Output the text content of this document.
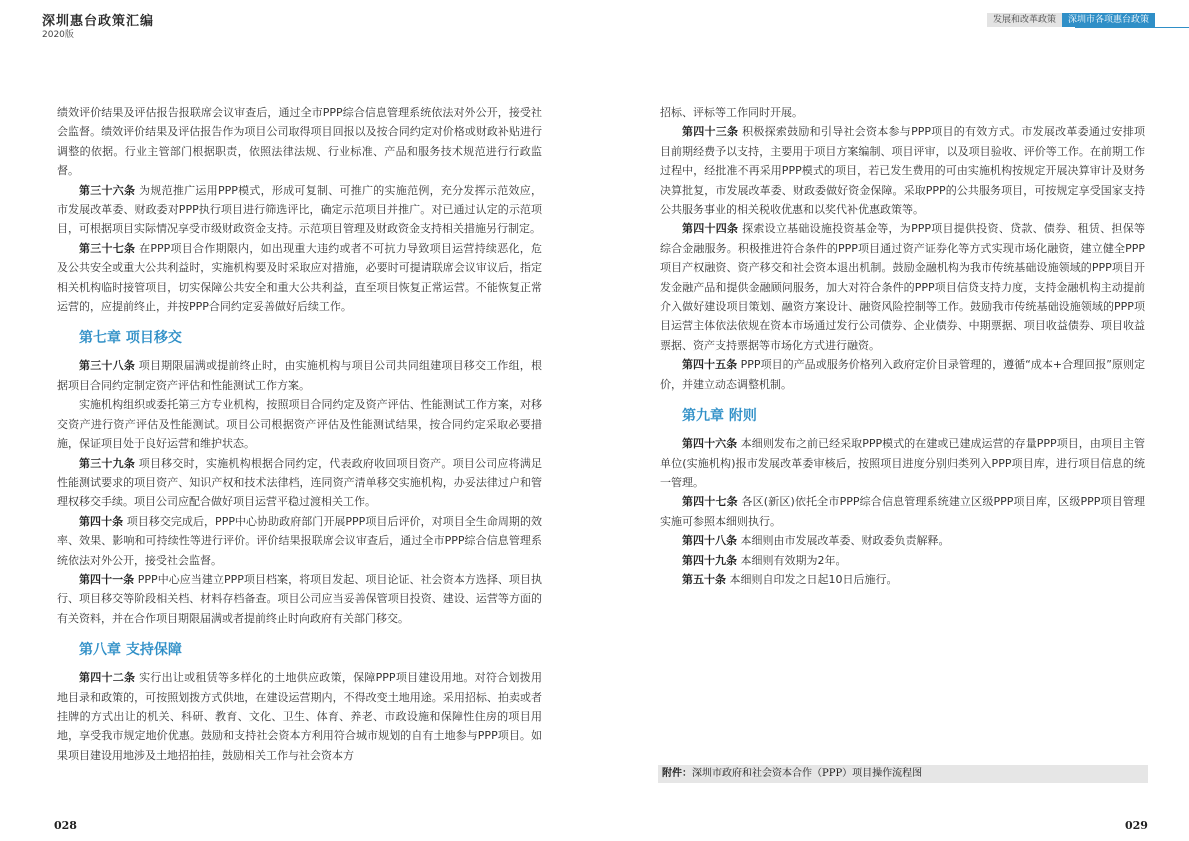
深圳惠台政策汇编
2020版
发展和改革政策	深圳市各项惠台政策

绩效评价结果及评估报告报联席会议审查后，通过全市PPP综合信息管理系统依法对外公开，接受社会监督。绩效评价结果及评估报告作为项目公司取得项目回报以及按合同约定对价格或财政补贴进行调整的依据。行业主管部门根据职责，依照法律法规、行业标准、产品和服务技术规范进行行政监督。

第三十六条 为规范推广运用PPP模式，形成可复制、可推广的实施范例，充分发挥示范效应，市发展改革委、财政委对PPP执行项目进行筛选评比，确定示范项目并推广。对已通过认定的示范项目，可根据项目实际情况享受市级财政资金支持。示范项目管理及财政资金支持相关措施另行制定。

第三十七条 在PPP项目合作期限内，如出现重大违约或者不可抗力导致项目运营持续恶化，危及公共安全或重大公共利益时，实施机构要及时采取应对措施，必要时可提请联席会议审议后，指定相关机构临时接管项目，切实保障公共安全和重大公共利益，直至项目恢复正常运营。不能恢复正常运营的，应提前终止，并按PPP合同约定妥善做好后续工作。

第七章 项目移交

第三十八条 项目期限届满或提前终止时，由实施机构与项目公司共同组建项目移交工作组，根据项目合同约定制定资产评估和性能测试工作方案。

实施机构组织或委托第三方专业机构，按照项目合同约定及资产评估、性能测试工作方案，对移交资产进行资产评估及性能测试。项目公司根据资产评估及性能测试结果，按合同约定采取必要措施，保证项目处于良好运营和维护状态。

第三十九条 项目移交时，实施机构根据合同约定，代表政府收回项目资产。项目公司应将满足性能测试要求的项目资产、知识产权和技术法律档，连同资产清单移交实施机构，办妥法律过户和管理权移交手续。项目公司应配合做好项目运营平稳过渡相关工作。

第四十条 项目移交完成后，PPP中心协助政府部门开展PPP项目后评价，对项目全生命周期的效率、效果、影响和可持续性等进行评价。评价结果报联席会议审查后，通过全市PPP综合信息管理系统依法对外公开，接受社会监督。

第四十一条 PPP中心应当建立PPP项目档案，将项目发起、项目论证、社会资本方选择、项目执行、项目移交等阶段相关档、材料存档备查。项目公司应当妥善保管项目投资、建设、运营等方面的有关资料，并在合作项目期限届满或者提前终止时向政府有关部门移交。

第八章 支持保障

第四十二条 实行出让或租赁等多样化的土地供应政策，保障PPP项目建设用地。对符合划拨用地目录和政策的，可按照划拨方式供地，在建设运营期内，不得改变土地用途。采用招标、拍卖或者挂牌的方式出让的机关、科研、教育、文化、卫生、体育、养老、市政设施和保障性住房的项目用地，享受我市规定地价优惠。鼓励和支持社会资本方利用符合城市规划的自有土地参与PPP项目。如果项目建设用地涉及土地招拍挂，鼓励相关工作与社会资本方

招标、评标等工作同时开展。

第四十三条 积极探索鼓励和引导社会资本参与PPP项目的有效方式。市发展改革委通过安排项目前期经费予以支持，主要用于项目方案编制、项目评审，以及项目验收、评价等工作。在前期工作过程中，经批准不再采用PPP模式的项目，若已发生费用的可由实施机构按规定开展决算审计及财务决算批复，市发展改革委、财政委做好资金保障。采取PPP的公共服务项目，可按规定享受国家支持公共服务事业的相关税收优惠和以奖代补优惠政策等。

第四十四条 探索设立基础设施投资基金等，为PPP项目提供投资、贷款、债券、租赁、担保等综合金融服务。积极推进符合条件的PPP项目通过资产证券化等方式实现市场化融资，建立健全PPP项目产权融资、资产移交和社会资本退出机制。鼓励金融机构为我市传统基础设施领域的PPP项目开发金融产品和提供金融顾问服务，加大对符合条件的PPP项目信贷支持力度，支持金融机构主动提前介入做好建设项目策划、融资方案设计、融资风险控制等工作。鼓励我市传统基础设施领域的PPP项目运营主体依法依规在资本市场通过发行公司债券、企业债券、中期票据、项目收益债券、项目收益票据、资产支持票据等市场化方式进行融资。

第四十五条 PPP项目的产品或服务价格列入政府定价目录管理的，遵循“成本+合理回报”原则定价，并建立动态调整机制。

第九章 附则

第四十六条 本细则发布之前已经采取PPP模式的在建或已建成运营的存量PPP项目，由项目主管单位(实施机构)报市发展改革委审核后，按照项目进度分别归类列入PPP项目库，进行项目信息的统一管理。

第四十七条 各区(新区)依托全市PPP综合信息管理系统建立区级PPP项目库，区级PPP项目管理实施可参照本细则执行。

第四十八条 本细则由市发展改革委、财政委负责解释。

第四十九条 本细则有效期为2年。

第五十条 本细则自印发之日起10日后施行。

附件：深圳市政府和社会资本合作（PPP）项目操作流程图
028	029
